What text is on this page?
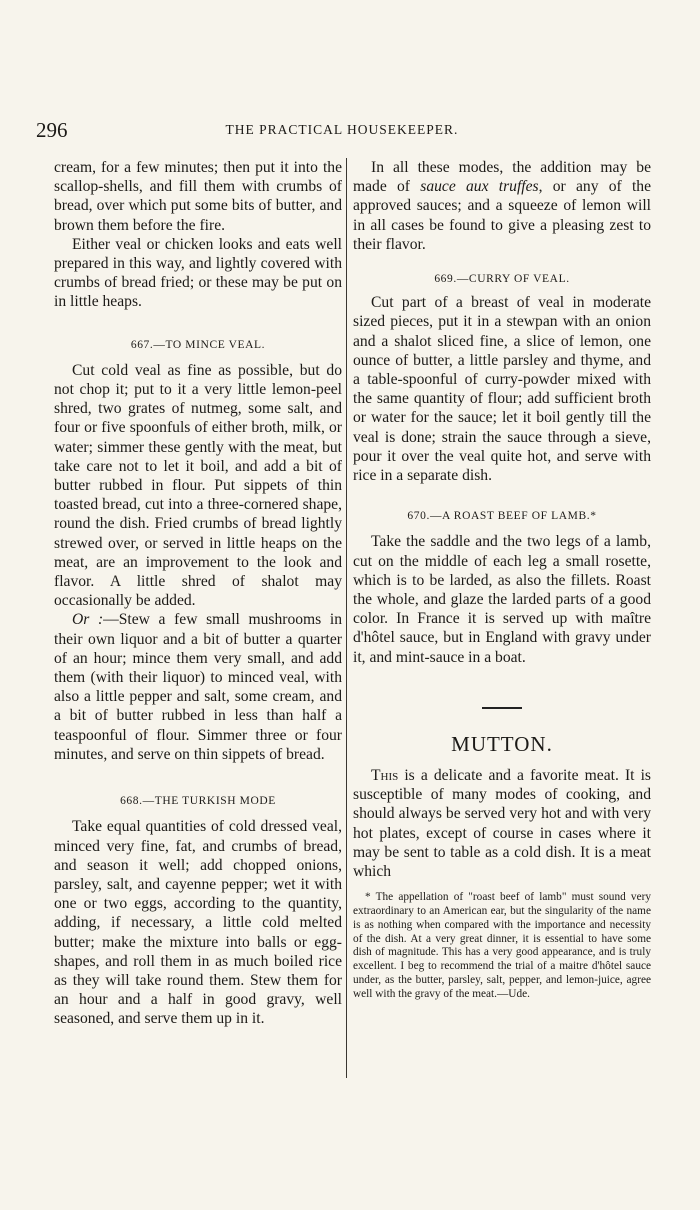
296	THE PRACTICAL HOUSEKEEPER.

cream, for a few minutes; then put it into the scallop-shells, and fill them with crumbs of bread, over which put some bits of butter, and brown them before the fire.

Either veal or chicken looks and eats well prepared in this way, and lightly covered with crumbs of bread fried; or these may be put on in little heaps.

667.—TO MINCE VEAL.

Cut cold veal as fine as possible, but do not chop it; put to it a very little lemon-peel shred, two grates of nutmeg, some salt, and four or five spoonfuls of either broth, milk, or water; simmer these gently with the meat, but take care not to let it boil, and add a bit of butter rubbed in flour. Put sippets of thin toasted bread, cut into a three-cornered shape, round the dish. Fried crumbs of bread lightly strewed over, or served in little heaps on the meat, are an improvement to the look and flavor. A little shred of shalot may occasionally be added.

Or :—Stew a few small mushrooms in their own liquor and a bit of butter a quarter of an hour; mince them very small, and add them (with their liquor) to minced veal, with also a little pepper and salt, some cream, and a bit of butter rubbed in less than half a teaspoonful of flour. Simmer three or four minutes, and serve on thin sippets of bread.

668.—THE TURKISH MODE

Take equal quantities of cold dressed veal, minced very fine, fat, and crumbs of bread, and season it well; add chopped onions, parsley, salt, and cayenne pepper; wet it with one or two eggs, according to the quantity, adding, if necessary, a little cold melted butter; make the mixture into balls or egg-shapes, and roll them in as much boiled rice as they will take round them. Stew them for an hour and a half in good gravy, well seasoned, and serve them up in it.

In all these modes, the addition may be made of sauce aux truffes, or any of the approved sauces; and a squeeze of lemon will in all cases be found to give a pleasing zest to their flavor.

669.—CURRY OF VEAL.

Cut part of a breast of veal in moderate sized pieces, put it in a stewpan with an onion and a shalot sliced fine, a slice of lemon, one ounce of butter, a little parsley and thyme, and a table-spoonful of curry-powder mixed with the same quantity of flour; add sufficient broth or water for the sauce; let it boil gently till the veal is done; strain the sauce through a sieve, pour it over the veal quite hot, and serve with rice in a separate dish.

670.—A ROAST BEEF OF LAMB.*

Take the saddle and the two legs of a lamb, cut on the middle of each leg a small rosette, which is to be larded, as also the fillets. Roast the whole, and glaze the larded parts of a good color. In France it is served up with maître d'hôtel sauce, but in England with gravy under it, and mint-sauce in a boat.

MUTTON.

This is a delicate and a favorite meat. It is susceptible of many modes of cooking, and should always be served very hot and with very hot plates, except of course in cases where it may be sent to table as a cold dish. It is a meat which

* The appellation of "roast beef of lamb" must sound very extraordinary to an American ear, but the singularity of the name is as nothing when compared with the importance and necessity of the dish. At a very great dinner, it is essential to have some dish of magnitude. This has a very good appearance, and is truly excellent. I beg to recommend the trial of a maitre d'hôtel sauce under, as the butter, parsley, salt, pepper, and lemon-juice, agree well with the gravy of the meat.—Ude.
